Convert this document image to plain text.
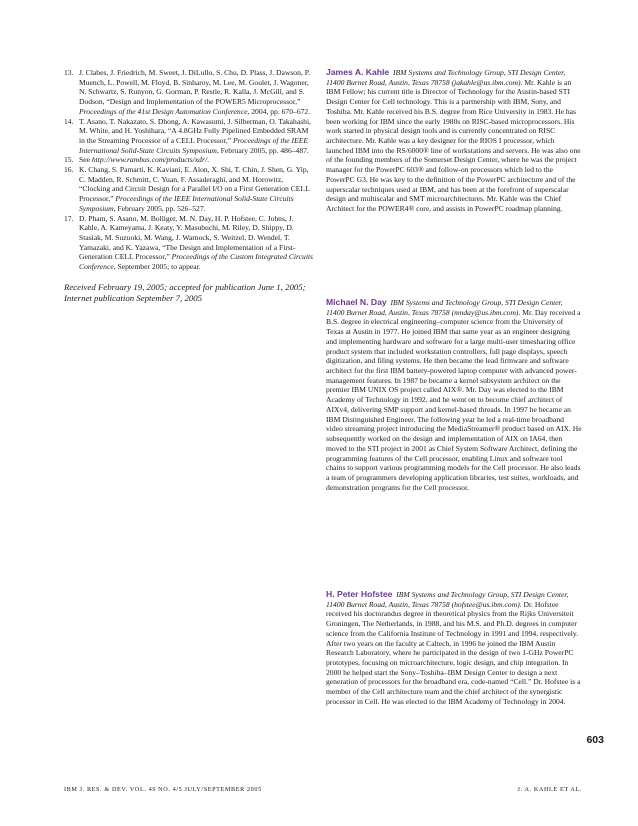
13. J. Clabes, J. Friedrich, M. Sweet, J. DiLullo, S. Chu, D. Plass, J. Dawson, P. Muench, L. Powell, M. Floyd, B. Sinharoy, M. Lee, M. Goulet, J. Wagoner, N. Schwartz, S. Runyon, G. Gorman, P. Restle, R. Kalla, J. McGill, and S. Dodson, “Design and Implementation of the POWER5 Microprocessor,” Proceedings of the 41st Design Automation Conference, 2004, pp. 670–672.

14. T. Asano, T. Nakazato, S. Dhong, A. Kawasumi, J. Silberman, O. Takahashi, M. White, and H. Yoshihara, “A 4.8GHz Fully Pipelined Embedded SRAM in the Streaming Processor of a CELL Processor,” Proceedings of the IEEE International Solid-State Circuits Symposium, February 2005, pp. 486–487.

15. See http://www.rambus.com/products/xdr/.

16. K. Chang, S. Pamarti, K. Kaviani, E. Alon, X. Shi, T. Chin, J. Shen, G. Yip, C. Madden, R. Schmitt, C. Yuan, F. Assaderaghi, and M. Horowitz, “Clocking and Circuit Design for a Parallel I/O on a First Generation CELL Processor,” Proceedings of the IEEE International Solid-State Circuits Symposium, February 2005, pp. 526–527.

17. D. Pham, S. Asano, M. Bolliger, M. N. Day, H. P. Hofstee, C. Johns, J. Kahle, A. Kameyama, J. Keaty, Y. Masubuchi, M. Riley, D. Shippy, D. Stasiak, M. Suzuoki, M. Wang, J. Warnock, S. Weitzel, D. Wendel, T. Yamazaki, and K. Yazawa, “The Design and Implementation of a First-Generation CELL Processor,” Proceedings of the Custom Integrated Circuits Conference, September 2005; to appear.

Received February 19, 2005; accepted for publication June 1, 2005; Internet publication September 7, 2005

James A. Kahle IBM Systems and Technology Group, STI Design Center, 11400 Burnet Road, Austin, Texas 78758 (jakahle@us.ibm.com). Mr. Kahle is an IBM Fellow; his current title is Director of Technology for the Austin-based STI Design Center for Cell technology. This is a partnership with IBM, Sony, and Toshiba. Mr. Kahle received his B.S. degree from Rice University in 1983. He has been working for IBM since the early 1980s on RISC-based microprocessors. His work started in physical design tools and is currently concentrated on RISC architecture. Mr. Kahle was a key designer for the RIOS I processor, which launched IBM into the RS/6000® line of workstations and servers. He was also one of the founding members of the Somerset Design Center, where he was the project manager for the PowerPC 603® and follow-on processors which led to the PowerPC G3. He was key to the definition of the PowerPC architecture and of the superscalar techniques used at IBM, and has been at the forefront of superscalar design and multiscalar and SMT microarchitectures. Mr. Kahle was the Chief Architect for the POWER4® core, and assists in PowerPC roadmap planning.

Michael N. Day IBM Systems and Technology Group, STI Design Center, 11400 Burnet Road, Austin, Texas 78758 (mnday@us.ibm.com). Mr. Day received a B.S. degree in electrical engineering–computer science from the University of Texas at Austin in 1977. He joined IBM that same year as an engineer designing and implementing hardware and software for a large multi-user timesharing office product system that included workstation controllers, full page displays, speech digitization, and filing systems. He then became the lead firmware and software architect for the first IBM battery-powered laptop computer with advanced power-management features. In 1987 he became a kernel subsystem architect on the premier IBM UNIX OS project called AIX®. Mr. Day was elected to the IBM Academy of Technology in 1992, and he went on to become chief architect of AIXv4, delivering SMP support and kernel-based threads. In 1997 he became an IBM Distinguished Engineer. The following year he led a real-time broadband video streaming project introducing the MediaStreamer® product based on AIX. He subsequently worked on the design and implementation of AIX on IA64, then moved to the STI project in 2001 as Chief System Software Architect, defining the programming features of the Cell processor, enabling Linux and software tool chains to support various programming models for the Cell processor. He also leads a team of programmers developing application libraries, test suites, workloads, and demonstration programs for the Cell processor.

H. Peter Hofstee IBM Systems and Technology Group, STI Design Center, 11400 Burnet Road, Austin, Texas 78758 (hofstee@us.ibm.com). Dr. Hofstee received his doctorandus degree in theoretical physics from the Rijks Universiteit Groningen, The Netherlands, in 1988, and his M.S. and Ph.D. degrees in computer science from the California Institute of Technology in 1991 and 1994, respectively. After two years on the faculty at Caltech, in 1996 he joined the IBM Austin Research Laboratory, where he participated in the design of two 1-GHz PowerPC prototypes, focusing on microarchitecture, logic design, and chip integration. In 2000 he helped start the Sony–Toshiba–IBM Design Center to design a next generation of processors for the broadband era, code-named “Cell.” Dr. Hofstee is a member of the Cell architecture team and the chief architect of the synergistic processor in Cell. He was elected to the IBM Academy of Technology in 2004.

603
IBM J. RES. & DEV. VOL. 49 NO. 4/5 JULY/SEPTEMBER 2005	J. A. KAHLE ET AL.
